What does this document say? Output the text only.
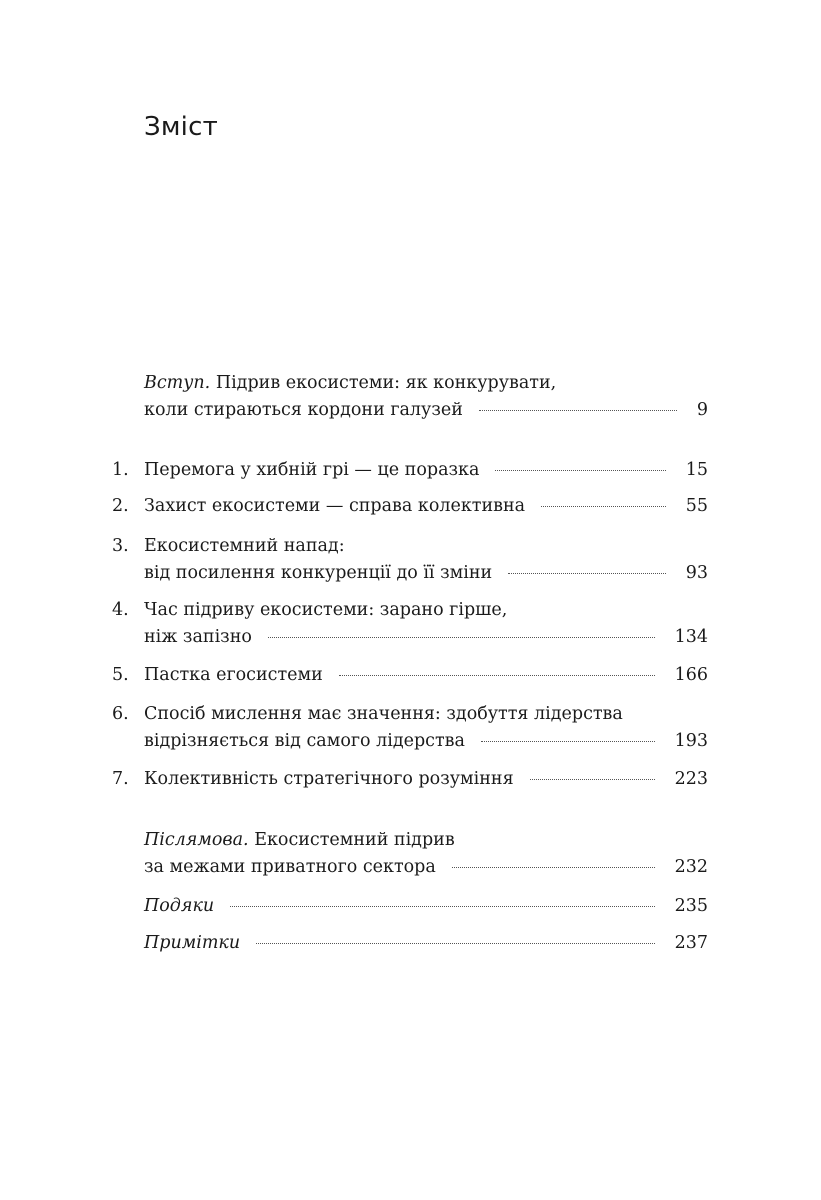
Зміст
Вступ. Підрив екосистеми: як конкурувати,
коли стираються кордони галузей	9
1. Перемога у хибній грі — це поразка	15
2. Захист екосистеми — справа колективна	55
3. Екосистемний напад:
від посилення конкуренції до її зміни	93
4. Час підриву екосистеми: зарано гірше,
ніж запізно	134
5. Пастка егосистеми	166
6. Спосіб мислення має значення: здобуття лідерства
відрізняється від самого лідерства	193
7. Колективність стратегічного розуміння	223
Післямова. Екосистемний підрив
за межами приватного сектора	232
Подяки	235
Примітки	237
